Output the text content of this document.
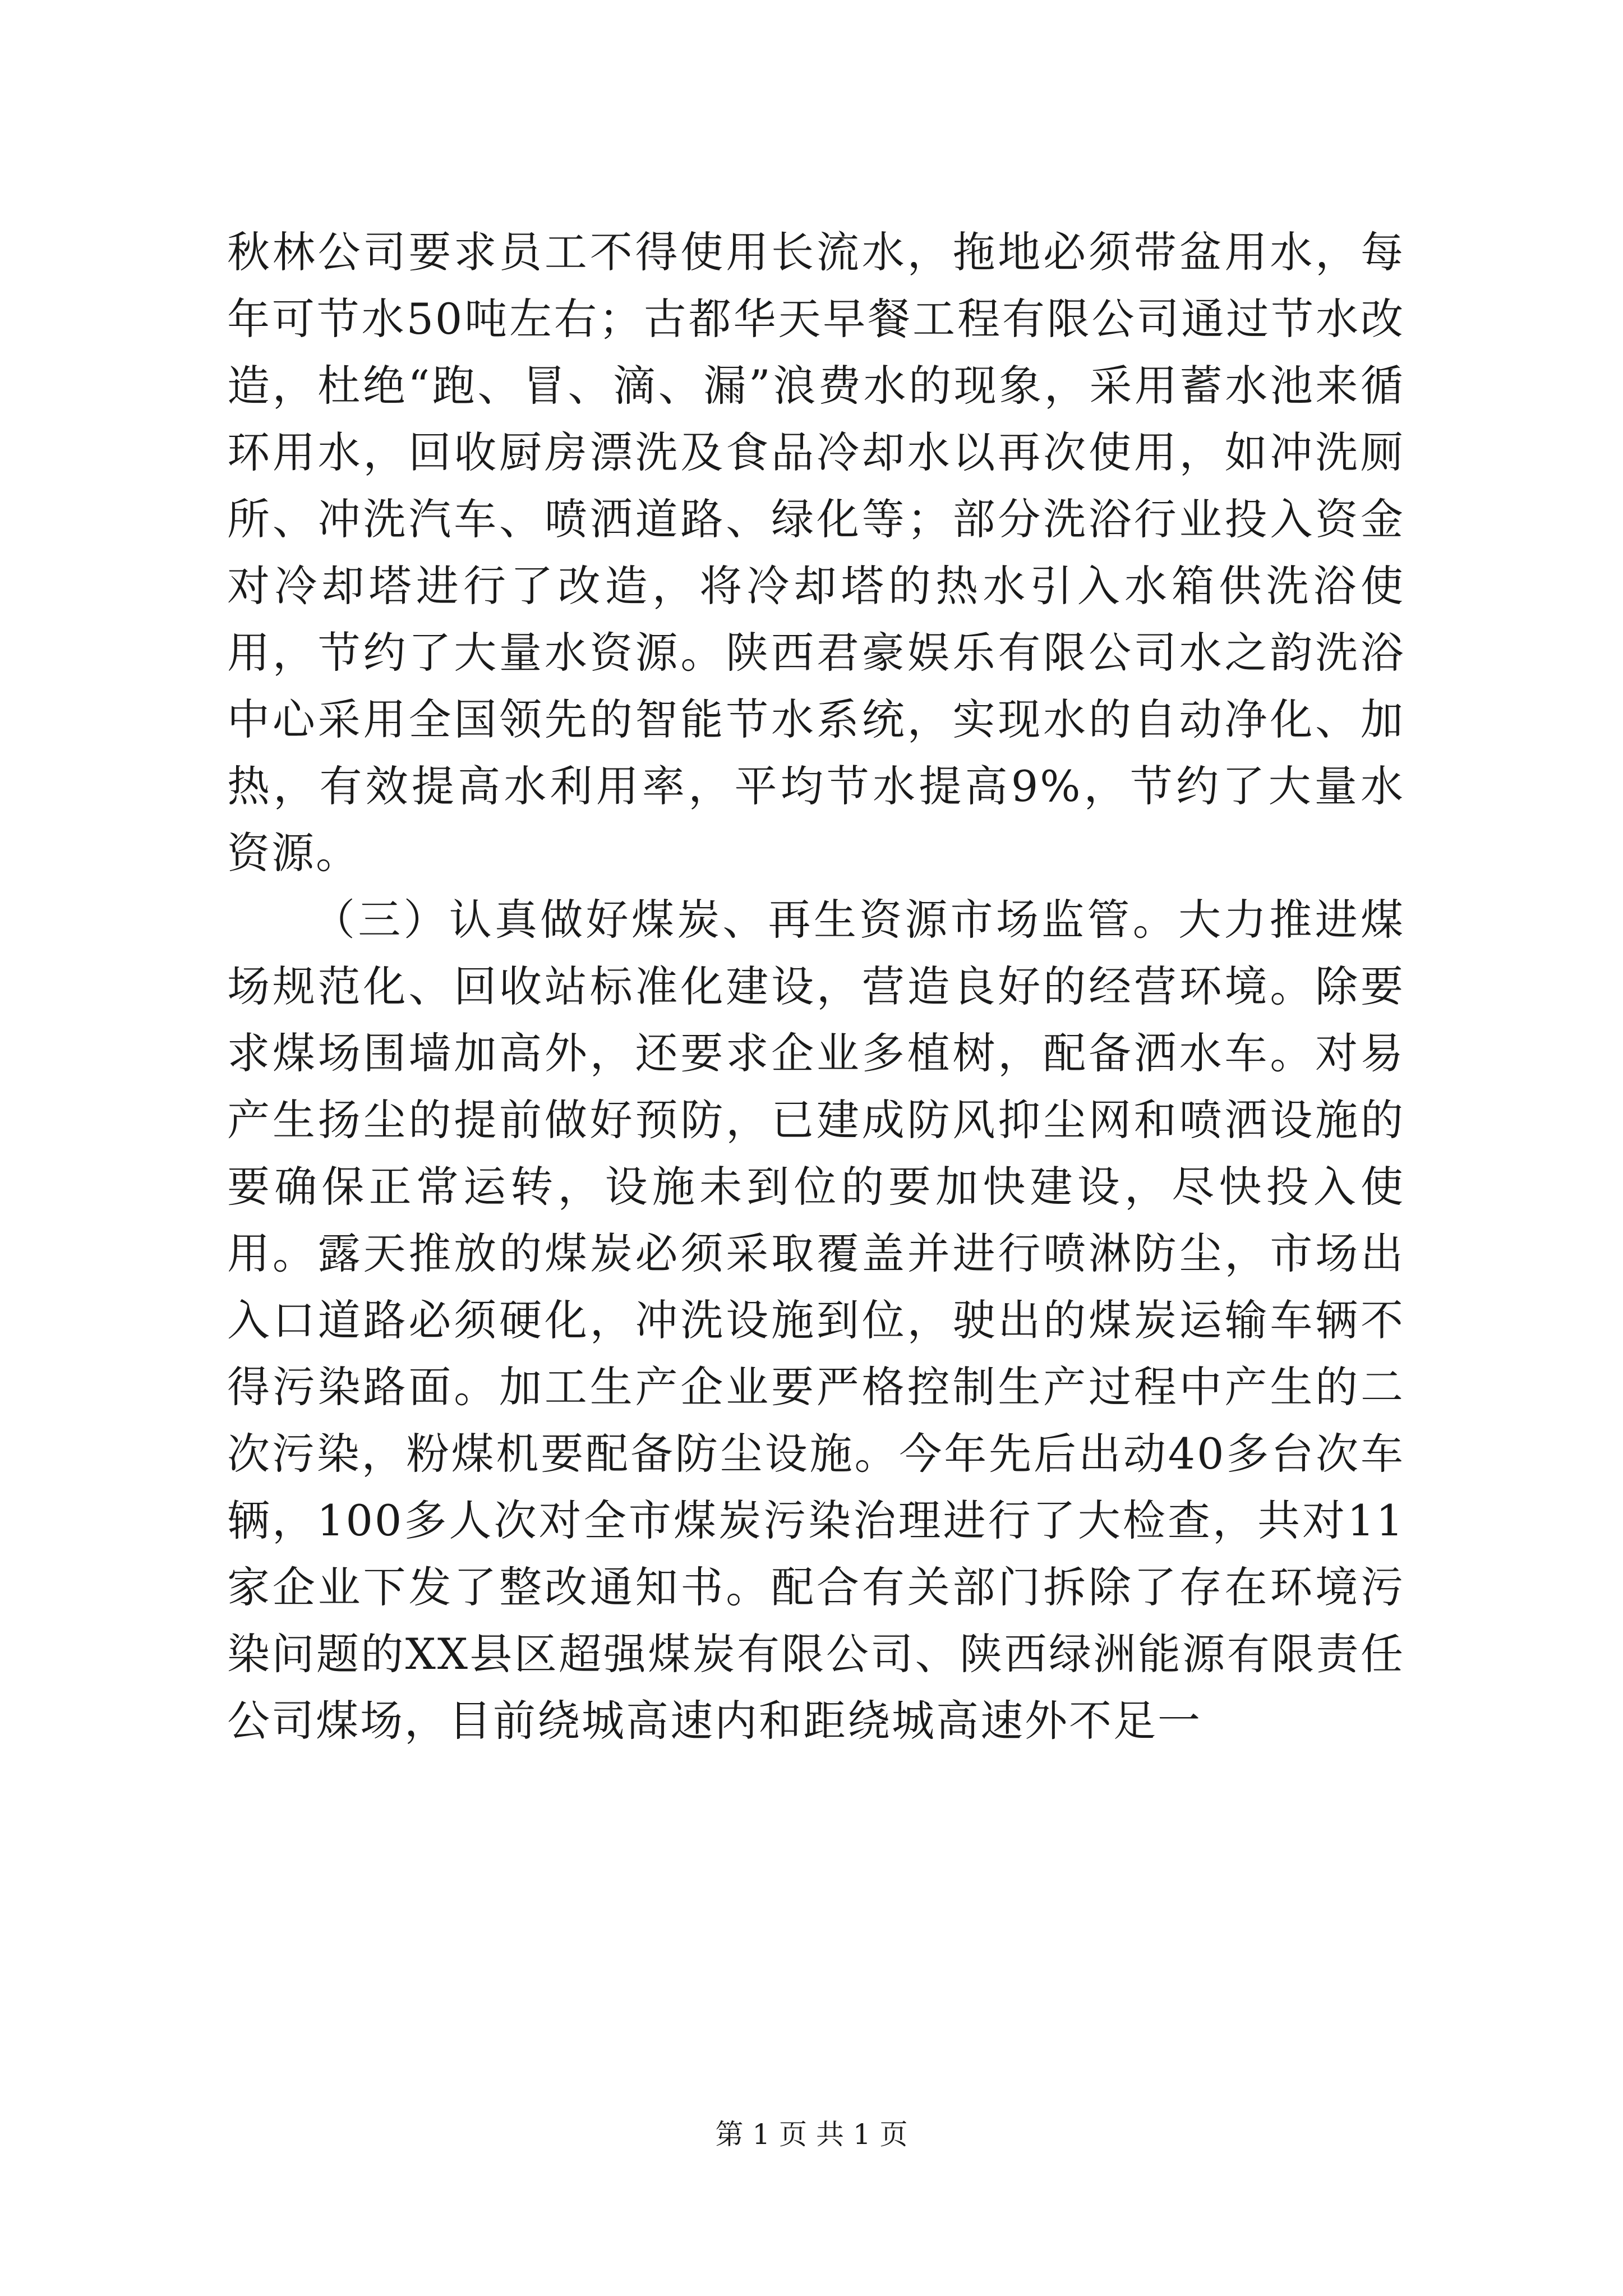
秋林公司要求员工不得使用长流水，拖地必须带盆用水，每年可节水50吨左右；古都华天早餐工程有限公司通过节水改造，杜绝“跑、冒、滴、漏”浪费水的现象，采用蓄水池来循环用水，回收厨房漂洗及食品冷却水以再次使用，如冲洗厕所、冲洗汽车、喷洒道路、绿化等；部分洗浴行业投入资金对冷却塔进行了改造，将冷却塔的热水引入水箱供洗浴使用，节约了大量水资源。陕西君豪娱乐有限公司水之韵洗浴中心采用全国领先的智能节水系统，实现水的自动净化、加热，有效提高水利用率，平均节水提高9%，节约了大量水资源。

（三）认真做好煤炭、再生资源市场监管。大力推进煤场规范化、回收站标准化建设，营造良好的经营环境。除要求煤场围墙加高外，还要求企业多植树，配备洒水车。对易产生扬尘的提前做好预防，已建成防风抑尘网和喷洒设施的要确保正常运转，设施未到位的要加快建设，尽快投入使用。露天推放的煤炭必须采取覆盖并进行喷淋防尘，市场出入口道路必须硬化，冲洗设施到位，驶出的煤炭运输车辆不得污染路面。加工生产企业要严格控制生产过程中产生的二次污染，粉煤机要配备防尘设施。今年先后出动40多台次车辆，100多人次对全市煤炭污染治理进行了大检查，共对11家企业下发了整改通知书。配合有关部门拆除了存在环境污染问题的XX县区超强煤炭有限公司、陕西绿洲能源有限责任公司煤场，目前绕城高速内和距绕城高速外不足一

第 1 页 共 1 页
